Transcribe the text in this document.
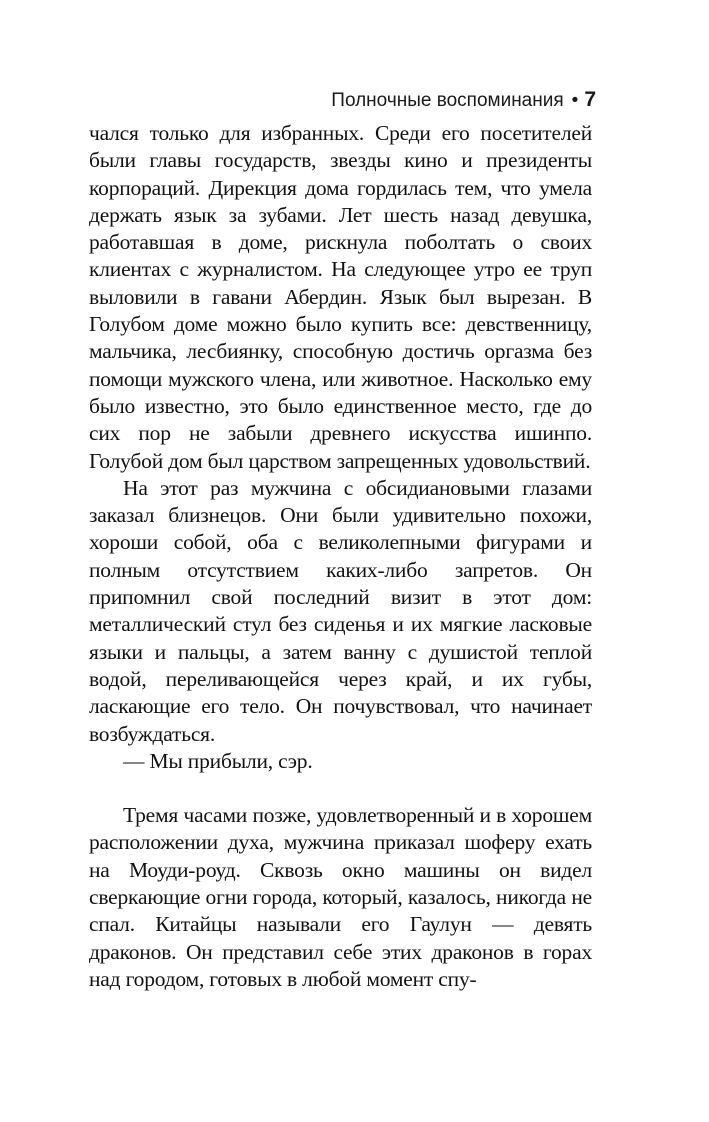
Полночные воспоминания • 7

чался только для избранных. Среди его посетителей были главы государств, звезды кино и президенты корпораций. Дирекция дома гордилась тем, что умела держать язык за зубами. Лет шесть назад девушка, работавшая в доме, рискнула поболтать о своих клиентах с журналистом. На следующее утро ее труп выловили в гавани Абердин. Язык был вырезан. В Голубом доме можно было купить все: девственницу, мальчика, лесбиянку, способную достичь оргазма без помощи мужского члена, или животное. Насколько ему было известно, это было единственное место, где до сих пор не забыли древнего искусства ишинпо. Голубой дом был царством запрещенных удовольствий.

На этот раз мужчина с обсидиановыми глазами заказал близнецов. Они были удивительно похожи, хороши собой, оба с великолепными фигурами и полным отсутствием каких-либо запретов. Он припомнил свой последний визит в этот дом: металлический стул без сиденья и их мягкие ласковые языки и пальцы, а затем ванну с душистой теплой водой, переливающейся через край, и их губы, ласкающие его тело. Он почувствовал, что начинает возбуждаться.

— Мы прибыли, сэр.

Тремя часами позже, удовлетворенный и в хорошем расположении духа, мужчина приказал шоферу ехать на Моуди-роуд. Сквозь окно машины он видел сверкающие огни города, который, казалось, никогда не спал. Китайцы называли его Гаулун — девять драконов. Он представил себе этих драконов в горах над городом, готовых в любой момент спу-
